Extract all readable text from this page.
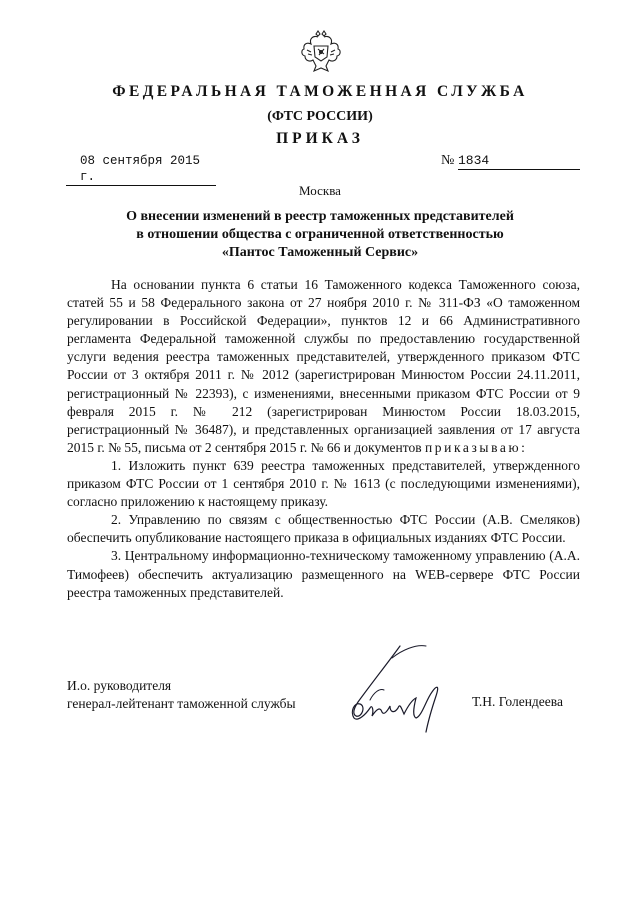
ФЕДЕРАЛЬНАЯ ТАМОЖЕННАЯ СЛУЖБА
(ФТС РОССИИ)
ПРИКАЗ
08 сентября 2015 г.
№ 1834
Москва
О внесении изменений в реестр таможенных представителей
в отношении общества с ограниченной ответственностью
«Пантос Таможенный Сервис»

На основании пункта 6 статьи 16 Таможенного кодекса Таможенного союза, статей 55 и 58 Федерального закона от 27 ноября 2010 г. № 311-ФЗ «О таможенном регулировании в Российской Федерации», пунктов 12 и 66 Административного регламента Федеральной таможенной службы по предоставлению государственной услуги ведения реестра таможенных представителей, утвержденного приказом ФТС России от 3 октября 2011 г. № 2012 (зарегистрирован Минюстом России 24.11.2011, регистрационный № 22393), с изменениями, внесенными приказом ФТС России от 9 февраля 2015 г. № 212 (зарегистрирован Минюстом России 18.03.2015, регистрационный № 36487), и представленных организацией заявления от 17 августа 2015 г. № 55, письма от 2 сентября 2015 г. № 66 и документов приказываю:

1. Изложить пункт 639 реестра таможенных представителей, утвержденного приказом ФТС России от 1 сентября 2010 г. № 1613 (с последующими изменениями), согласно приложению к настоящему приказу.

2. Управлению по связям с общественностью ФТС России (А.В. Смеляков) обеспечить опубликование настоящего приказа в официальных изданиях ФТС России.

3. Центральному информационно-техническому таможенному управлению (А.А. Тимофеев) обеспечить актуализацию размещенного на WEB-сервере ФТС России реестра таможенных представителей.

И.о. руководителя
генерал-лейтенант таможенной службы	Т.Н. Голендеева
